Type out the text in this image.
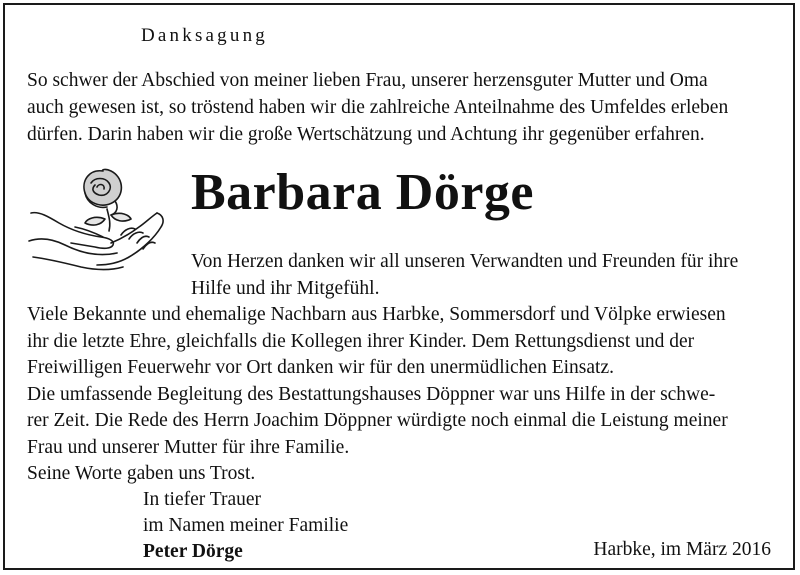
Danksagung

So schwer der Abschied von meiner lieben Frau, unserer herzensguter Mutter und Oma
auch gewesen ist, so tröstend haben wir die zahlreiche Anteilnahme des Umfeldes erleben
dürfen. Darin haben wir die große Wertschätzung und Achtung ihr gegenüber erfahren.

Barbara Dörge

Von Herzen danken wir all unseren Verwandten und Freunden für ihre
Hilfe und ihr Mitgefühl.
Viele Bekannte und ehemalige Nachbarn aus Harbke, Sommersdorf und Völpke erwiesen
ihr die letzte Ehre, gleichfalls die Kollegen ihrer Kinder. Dem Rettungsdienst und der
Freiwilligen Feuerwehr vor Ort danken wir für den unermüdlichen Einsatz.
Die umfassende Begleitung des Bestattungshauses Döppner war uns Hilfe in der schwe-
rer Zeit. Die Rede des Herrn Joachim Döppner würdigte noch einmal die Leistung meiner
Frau und unserer Mutter für ihre Familie.
Seine Worte gaben uns Trost.

In tiefer Trauer
im Namen meiner Familie
Peter Dörge	Harbke, im März 2016
